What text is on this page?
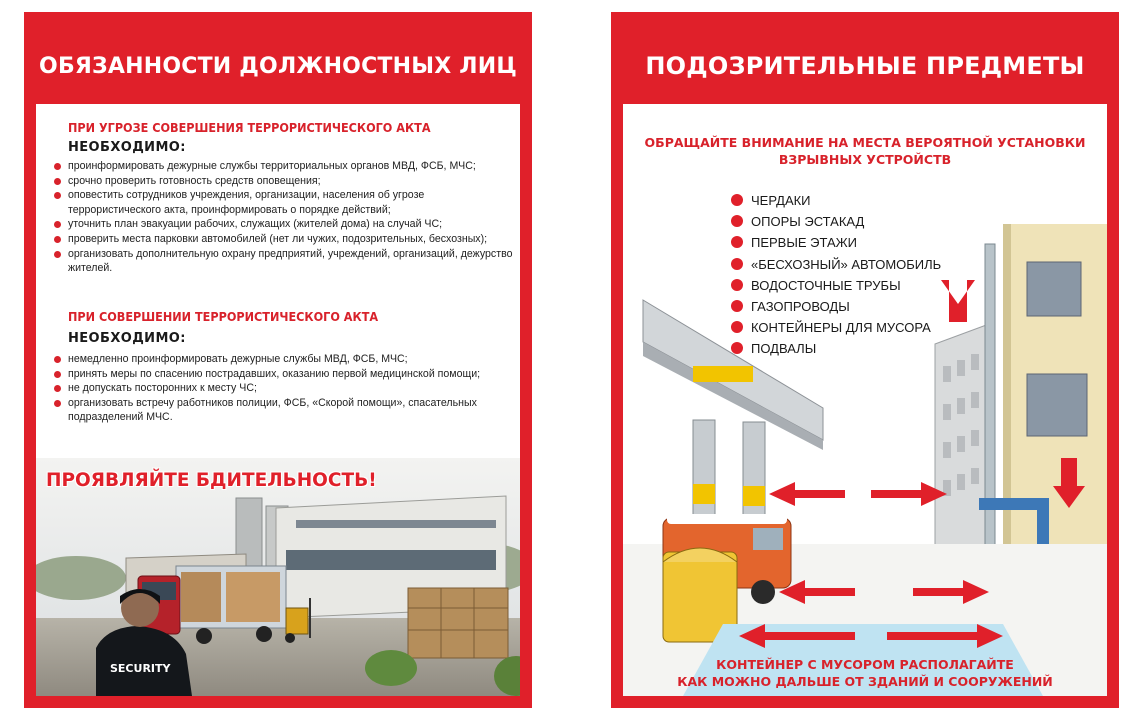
ОБЯЗАННОСТИ ДОЛЖНОСТНЫХ ЛИЦ
ПРИ УГРОЗЕ СОВЕРШЕНИЯ ТЕРРОРИСТИЧЕСКОГО АКТА
НЕОБХОДИМО:
проинформировать дежурные службы территориальных органов МВД, ФСБ, МЧС;
срочно проверить готовность средств оповещения;
оповестить сотрудников учреждения, организации, населения об угрозе террористического акта, проинформировать о порядке действий;
уточнить план эвакуации рабочих, служащих (жителей дома) на случай ЧС;
проверить места парковки автомобилей (нет ли чужих, подозрительных, бесхозных);
организовать дополнительную охрану предприятий, учреждений, организаций, дежурство жителей.
ПРИ СОВЕРШЕНИИ ТЕРРОРИСТИЧЕСКОГО АКТА
НЕОБХОДИМО:
немедленно проинформировать дежурные службы МВД, ФСБ, МЧС;
принять меры по спасению пострадавших, оказанию первой медицинской помощи;
не допускать посторонних к месту ЧС;
организовать встречу работников полиции, ФСБ, «Скорой помощи», спасательных подразделений МЧС.
ПРОЯВЛЯЙТЕ БДИТЕЛЬНОСТЬ!
SECURITY
ПОДОЗРИТЕЛЬНЫЕ ПРЕДМЕТЫ
ОБРАЩАЙТЕ ВНИМАНИЕ НА МЕСТА ВЕРОЯТНОЙ УСТАНОВКИ
ВЗРЫВНЫХ УСТРОЙСТВ
ЧЕРДАКИ
ОПОРЫ ЭСТАКАД
ПЕРВЫЕ ЭТАЖИ
«БЕСХОЗНЫЙ» АВТОМОБИЛЬ
ВОДОСТОЧНЫЕ ТРУБЫ
ГАЗОПРОВОДЫ
КОНТЕЙНЕРЫ ДЛЯ МУСОРА
ПОДВАЛЫ
КОНТЕЙНЕР С МУСОРОМ РАСПОЛАГАЙТЕ
КАК МОЖНО ДАЛЬШЕ ОТ ЗДАНИЙ И СООРУЖЕНИЙ
